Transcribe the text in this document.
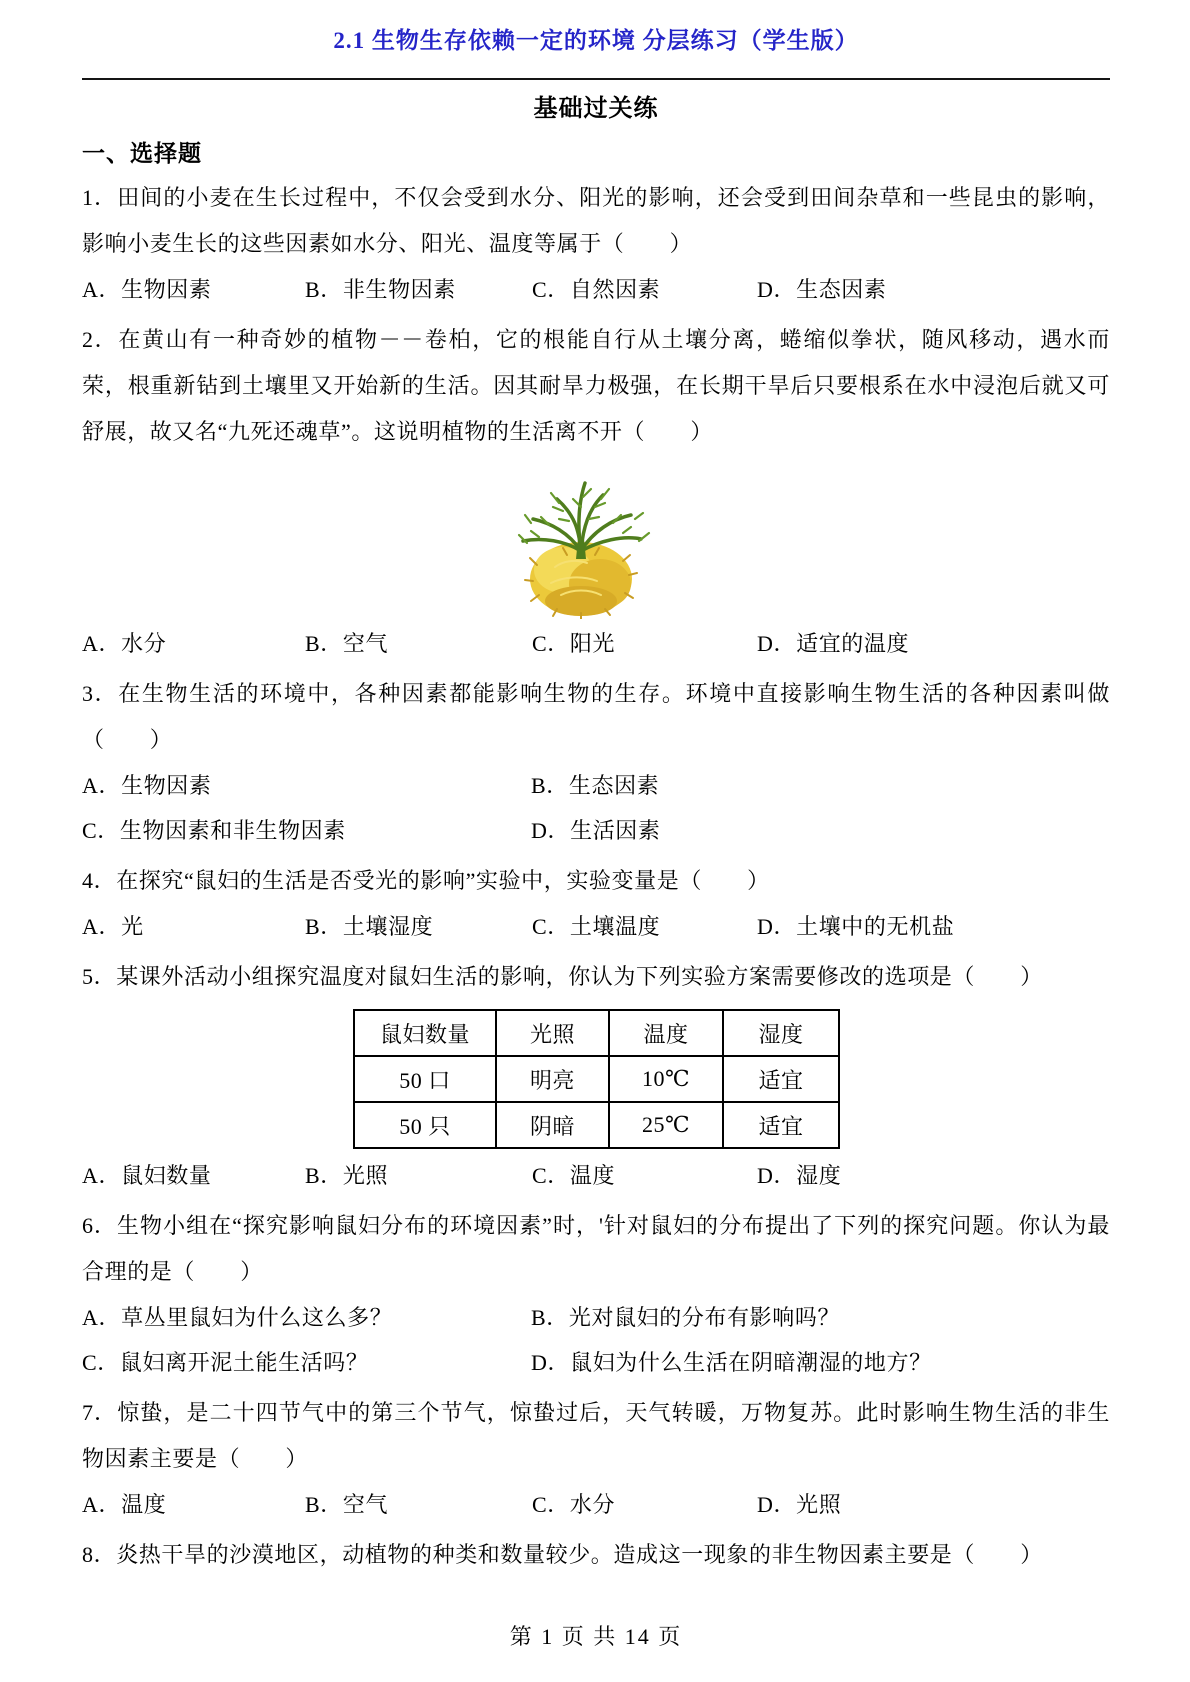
2.1 生物生存依赖一定的环境 分层练习（学生版）
基础过关练
一、选择题
1．田间的小麦在生长过程中，不仅会受到水分、阳光的影响，还会受到田间杂草和一些昆虫的影响，影响小麦生长的这些因素如水分、阳光、温度等属于（　　）
A．生物因素	B．非生物因素	C．自然因素	D．生态因素
2．在黄山有一种奇妙的植物－－卷柏，它的根能自行从土壤分离，蜷缩似拳状，随风移动，遇水而荣，根重新钻到土壤里又开始新的生活。因其耐旱力极强，在长期干旱后只要根系在水中浸泡后就又可舒展，故又名“九死还魂草”。这说明植物的生活离不开（　　）
A．水分	B．空气	C．阳光	D．适宜的温度
3．在生物生活的环境中，各种因素都能影响生物的生存。环境中直接影响生物生活的各种因素叫做（　　）
A．生物因素	B．生态因素
C．生物因素和非生物因素	D．生活因素
4．在探究“鼠妇的生活是否受光的影响”实验中，实验变量是（　　）
A．光	B．土壤湿度	C．土壤温度	D．土壤中的无机盐
5．某课外活动小组探究温度对鼠妇生活的影响，你认为下列实验方案需要修改的选项是（　　）
鼠妇数量	光照	温度	湿度
50 口	明亮	10℃	适宜
50 只	阴暗	25℃	适宜
A．鼠妇数量	B．光照	C．温度	D．湿度
6．生物小组在“探究影响鼠妇分布的环境因素”时，'针对鼠妇的分布提出了下列的探究问题。你认为最合理的是（　　）
A．草丛里鼠妇为什么这么多？	B．光对鼠妇的分布有影响吗？
C．鼠妇离开泥土能生活吗？	D．鼠妇为什么生活在阴暗潮湿的地方？
7．惊蛰，是二十四节气中的第三个节气，惊蛰过后，天气转暖，万物复苏。此时影响生物生活的非生物因素主要是（　　）
A．温度	B．空气	C．水分	D．光照
8．炎热干旱的沙漠地区，动植物的种类和数量较少。造成这一现象的非生物因素主要是（　　）
第 1 页 共 14 页
